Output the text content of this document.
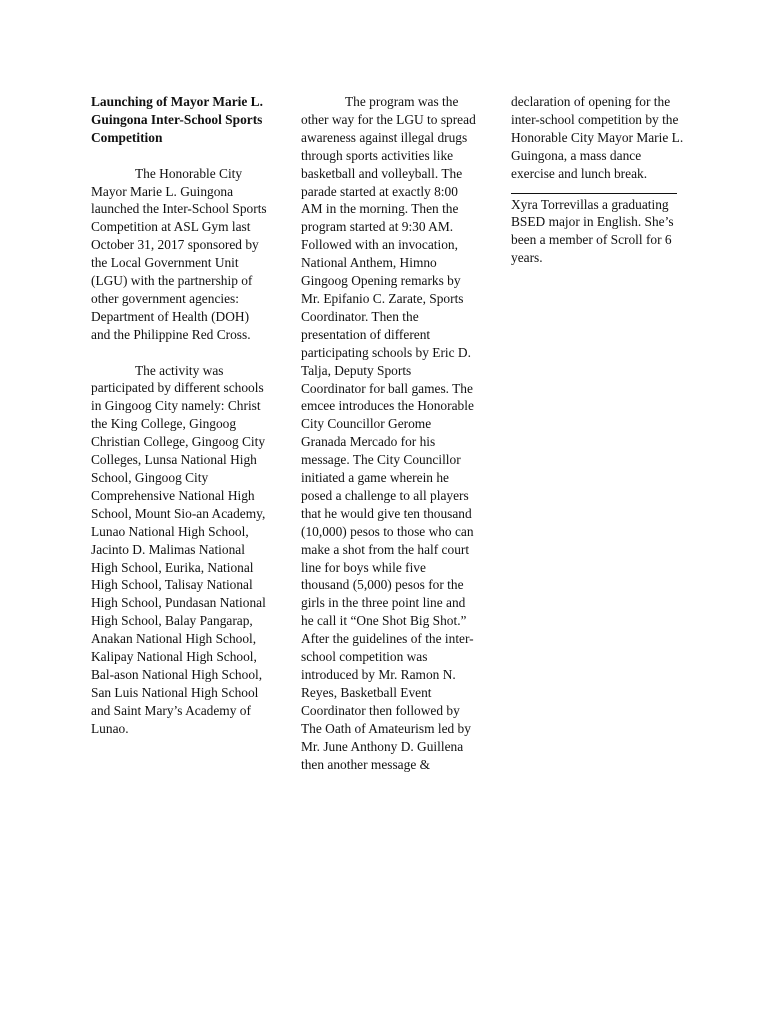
Launching of Mayor Marie L. Guingona Inter-School Sports Competition

The Honorable City Mayor Marie L. Guingona launched the Inter-School Sports Competition at ASL Gym last October 31, 2017 sponsored by the Local Government Unit (LGU) with the partnership of other government agencies: Department of Health (DOH) and the Philippine Red Cross.

The activity was participated by different schools in Gingoog City namely: Christ the King College, Gingoog Christian College, Gingoog City Colleges, Lunsa National High School, Gingoog City Comprehensive National High School, Mount Sio-an Academy, Lunao National High School, Jacinto D. Malimas National High School, Eurika, National High School, Talisay National High School, Pundasan National High School, Balay Pangarap, Anakan National High School, Kalipay National High School, Bal-ason National High School, San Luis National High School and Saint Mary’s Academy of Lunao.

The program was the other way for the LGU to spread awareness against illegal drugs through sports activities like basketball and volleyball. The parade started at exactly 8:00 AM in the morning. Then the program started at 9:30 AM. Followed with an invocation, National Anthem, Himno Gingoog Opening remarks by Mr. Epifanio C. Zarate, Sports Coordinator. Then the presentation of different participating schools by Eric D. Talja, Deputy Sports Coordinator for ball games. The emcee introduces the Honorable City Councillor Gerome Granada Mercado for his message. The City Councillor initiated a game wherein he posed a challenge to all players that he would give ten thousand (10,000) pesos to those who can make a shot from the half court line for boys while five thousand (5,000) pesos for the girls in the three point line and he call it “One Shot Big Shot.” After the guidelines of the inter-school competition was introduced by Mr. Ramon N. Reyes, Basketball Event Coordinator then followed by The Oath of Amateurism led by Mr. June Anthony D. Guillena then another message &

declaration of opening for the inter-school competition by the Honorable City Mayor Marie L. Guingona, a mass dance exercise and lunch break.

Xyra Torrevillas a graduating BSED major in English. She’s been a member of Scroll for 6 years.
